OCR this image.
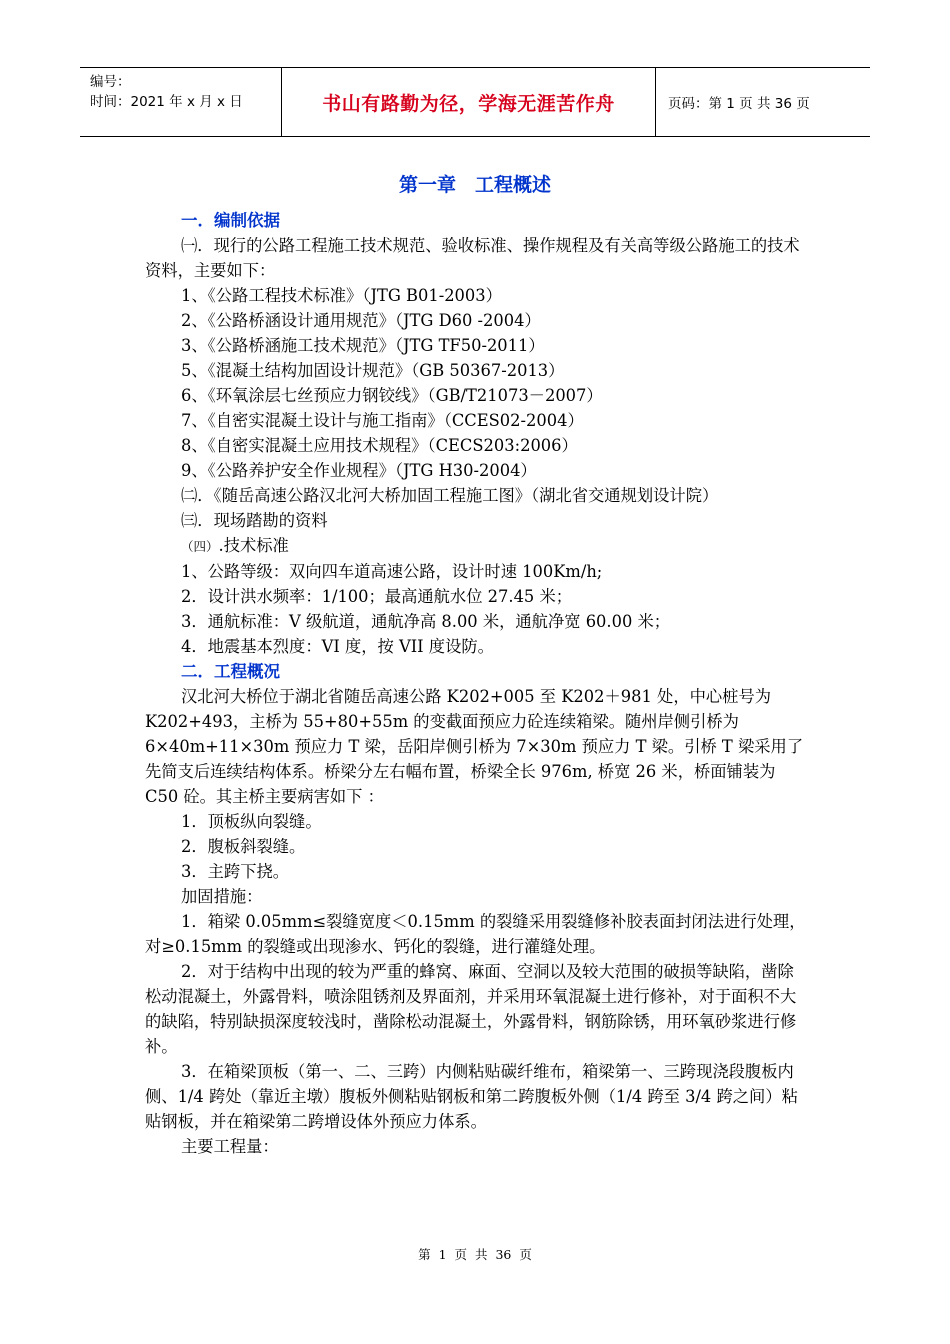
编号：
时间：2021 年 x 月 x 日	书山有路勤为径，学海无涯苦作舟	页码：第 1 页 共 36 页
第一章　工程概述

一．编制依据

㈠．现行的公路工程施工技术规范、验收标准、操作规程及有关高等级公路施工的技术资料，主要如下：

1、《公路工程技术标准》（JTG B01-2003）

2、《公路桥涵设计通用规范》（JTG D60 -2004）

3、《公路桥涵施工技术规范》（JTG TF50-2011）

5、《混凝土结构加固设计规范》（GB 50367-2013）

6、《环氧涂层七丝预应力钢铰线》（GB/T21073－2007）

7、《自密实混凝土设计与施工指南》（CCES02-2004）

8、《自密实混凝土应用技术规程》（CECS203:2006）

9、《公路养护安全作业规程》（JTG H30-2004）

㈡．《随岳高速公路汉北河大桥加固工程施工图》（湖北省交通规划设计院）

㈢．现场踏勘的资料

（四）.技术标准

1、公路等级：双向四车道高速公路，设计时速 100Km/h;

2．设计洪水频率：1/100；最高通航水位 27.45 米；

3．通航标准：V 级航道，通航净高 8.00 米，通航净宽 60.00 米；

4．地震基本烈度：VI 度，按 VII 度设防。

二．工程概况

汉北河大桥位于湖北省随岳高速公路 K202+005 至 K202＋981 处，中心桩号为 K202+493，主桥为 55+80+55m 的变截面预应力砼连续箱梁。随州岸侧引桥为 6×40m+11×30m 预应力 T 梁，岳阳岸侧引桥为 7×30m 预应力 T 梁。引桥 T 梁采用了先简支后连续结构体系。桥梁分左右幅布置，桥梁全长 976m, 桥宽 26 米，桥面铺装为 C50 砼。其主桥主要病害如下 ：

1．顶板纵向裂缝。

2．腹板斜裂缝。

3．主跨下挠。

加固措施：

1．箱梁 0.05mm≤裂缝宽度＜0.15mm 的裂缝采用裂缝修补胶表面封闭法进行处理，对≥0.15mm 的裂缝或出现渗水、钙化的裂缝，进行灌缝处理。

2．对于结构中出现的较为严重的蜂窝、麻面、空洞以及较大范围的破损等缺陷，凿除松动混凝土，外露骨料，喷涂阻锈剂及界面剂，并采用环氧混凝土进行修补，对于面积不大的缺陷，特别缺损深度较浅时，凿除松动混凝土，外露骨料，钢筋除锈，用环氧砂浆进行修补。

3．在箱梁顶板（第一、二、三跨）内侧粘贴碳纤维布，箱梁第一、三跨现浇段腹板内侧、1/4 跨处（靠近主墩）腹板外侧粘贴钢板和第二跨腹板外侧（1/4 跨至 3/4 跨之间）粘贴钢板，并在箱梁第二跨增设体外预应力体系。

主要工程量：

第 1 页 共 36 页
